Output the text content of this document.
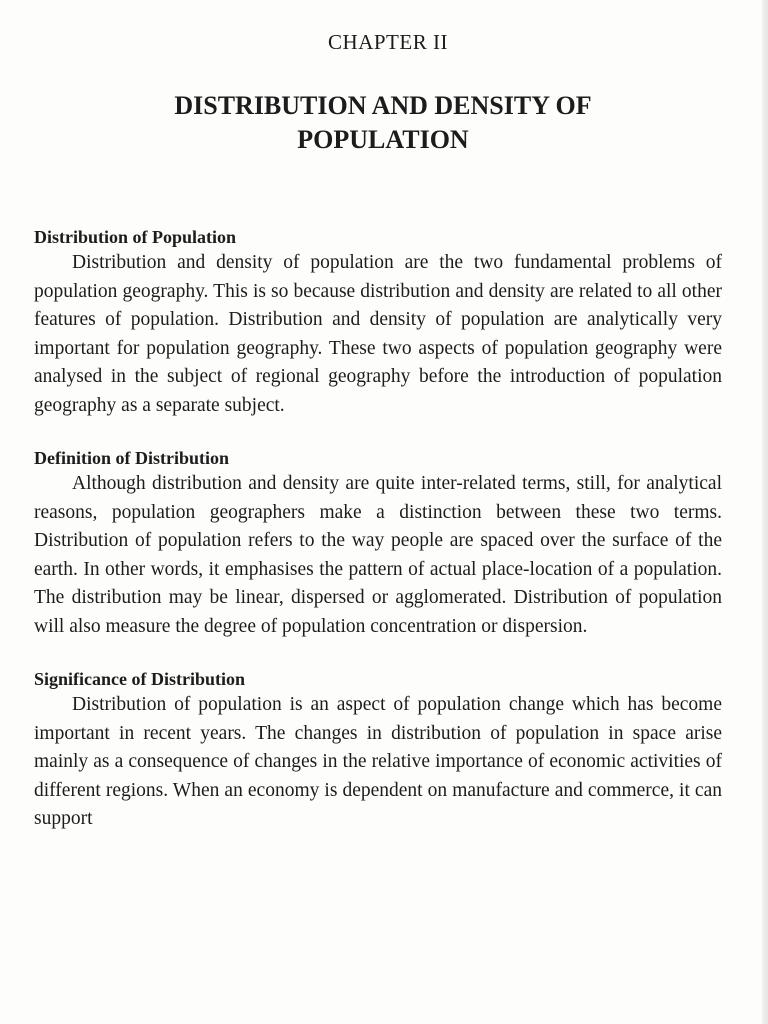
CHAPTER II
DISTRIBUTION AND DENSITY OF
POPULATION

Distribution of Population

Distribution and density of population are the two fundamental problems of population geography. This is so because distribution and density are related to all other features of population. Distribution and density of population are analytically very important for population geography. These two aspects of population geography were analysed in the subject of regional geography before the introduction of population geography as a separate subject.

Definition of Distribution

Although distribution and density are quite inter-related terms, still, for analytical reasons, population geographers make a distinction between these two terms. Distribution of population refers to the way people are spaced over the surface of the earth. In other words, it emphasises the pattern of actual place-location of a population. The distribution may be linear, dispersed or agglomerated. Distribution of population will also measure the degree of population concentration or dispersion.

Significance of Distribution

Distribution of population is an aspect of population change which has become important in recent years. The changes in distribution of population in space arise mainly as a consequence of changes in the relative importance of economic activities of different regions. When an economy is dependent on manufacture and commerce, it can support
